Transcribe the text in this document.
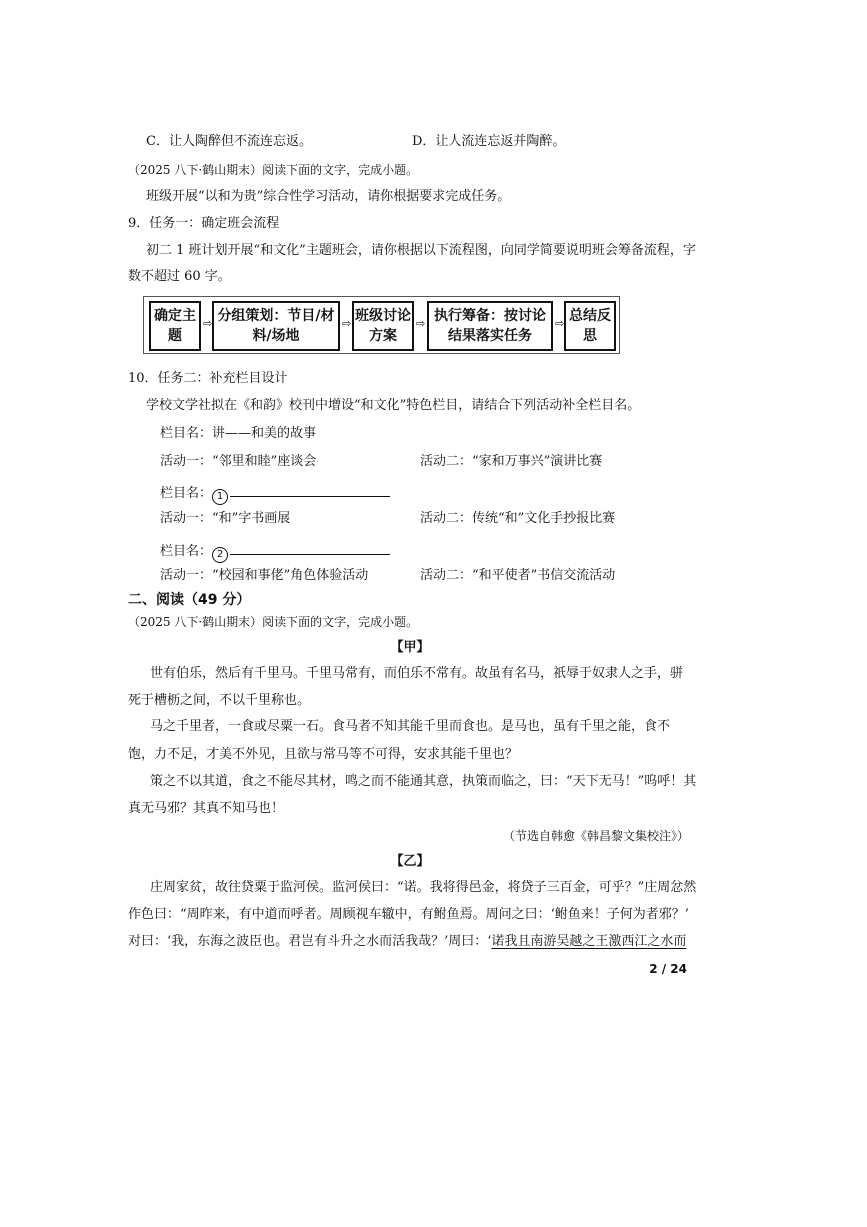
C．让人陶醉但不流连忘返。	D．让人流连忘返并陶醉。
（2025 八下·鹤山期末）阅读下面的文字，完成小题。
班级开展“以和为贵”综合性学习活动，请你根据要求完成任务。
9．任务一：确定班会流程
初二 1 班计划开展“和文化”主题班会，请你根据以下流程图，向同学简要说明班会筹备流程，字
数不超过 60 字。
确定主题
⇨ 分组策划：节目/材料/场地
⇨ 班级讨论方案
⇨ 执行筹备：按讨论结果落实任务
⇨ 总结反思
10．任务二：补充栏目设计
学校文学社拟在《和韵》校刊中增设“和文化”特色栏目，请结合下列活动补全栏目名。
栏目名：讲——和美的故事
活动一：“邻里和睦”座谈会	活动二：“家和万事兴”演讲比赛
栏目名： 1
活动一：“和”字书画展	活动二：传统“和”文化手抄报比赛
栏目名： 2
活动一：“校园和事佬”角色体验活动	活动二：“和平使者”书信交流活动
二、阅读（49 分）
（2025 八下·鹤山期末）阅读下面的文字，完成小题。
【甲】
世有伯乐，然后有千里马。千里马常有，而伯乐不常有。故虽有名马，祇辱于奴隶人之手，骈
死于槽枥之间，不以千里称也。
马之千里者，一食或尽粟一石。食马者不知其能千里而食也。是马也，虽有千里之能，食不
饱，力不足，才美不外见，且欲与常马等不可得，安求其能千里也？
策之不以其道，食之不能尽其材，鸣之而不能通其意，执策而临之，曰：“天下无马！”呜呼！其
真无马邪？其真不知马也！
（节选自韩愈《韩昌黎文集校注》）
【乙】
庄周家贫，故往贷粟于监河侯。监河侯曰：“诺。我将得邑金，将贷子三百金，可乎？”庄周忿然
作色曰：“周昨来，有中道而呼者。周顾视车辙中，有鲋鱼焉。周问之曰：‘鲋鱼来！子何为者邪？’
对曰：‘我，东海之波臣也。君岂有斗升之水而活我哉？’周曰：‘诺我且南游吴越之王激西江之水而
2 / 24
